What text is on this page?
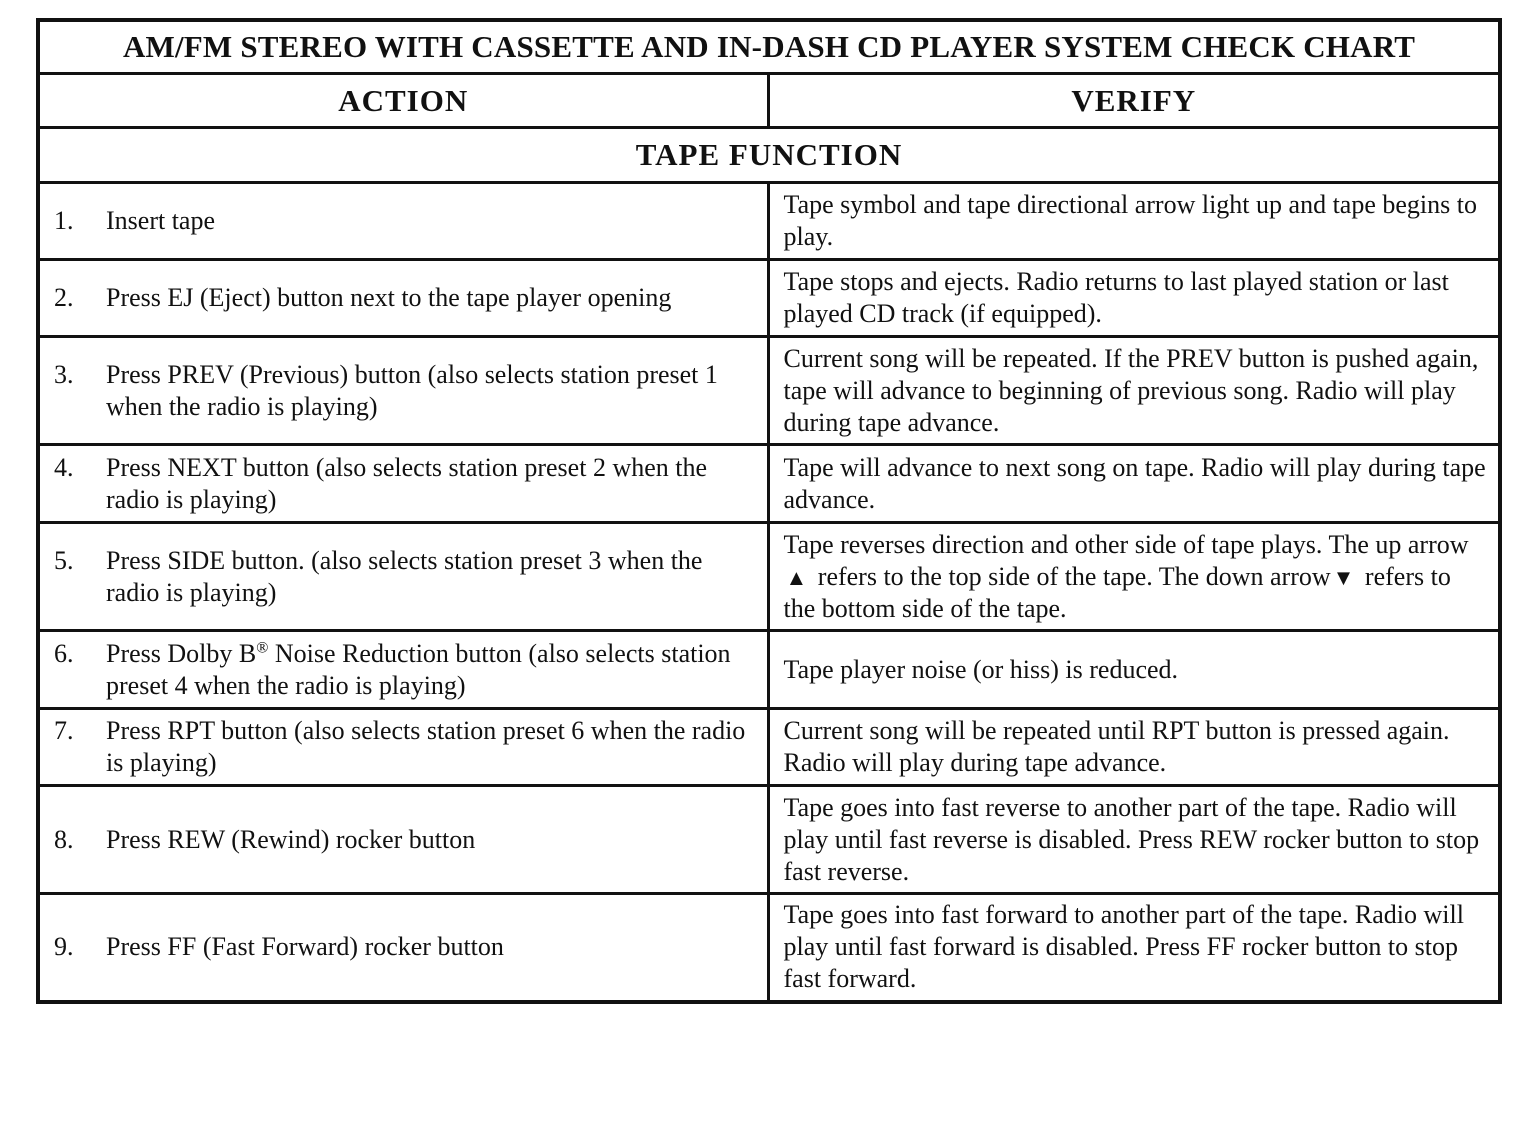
AM/FM STEREO WITH CASSETTE AND IN-DASH CD PLAYER SYSTEM CHECK CHART	
ACTION	VERIFY
TAPE FUNCTION	

1. Insert tape	Tape symbol and tape directional arrow light up and tape begins to play.

2. Press EJ (Eject) button next to the tape player opening	Tape stops and ejects. Radio returns to last played station or last played CD track (if equipped).

3. Press PREV (Previous) button (also selects station preset 1 when the radio is playing)	Current song will be repeated. If the PREV button is pushed again, tape will advance to beginning of previous song. Radio will play during tape advance.

4. Press NEXT button (also selects station preset 2 when the radio is playing)	Tape will advance to next song on tape. Radio will play during tape advance.

5. Press SIDE button. (also selects station preset 3 when the radio is playing)	Tape reverses direction and other side of tape plays. The up arrow▲ refers to the top side of the tape. The down arrow▼ refers to the bottom side of the tape.

6. Press Dolby B® Noise Reduction button (also selects station preset 4 when the radio is playing)	Tape player noise (or hiss) is reduced.

7. Press RPT button (also selects station preset 6 when the radio is playing)	Current song will be repeated until RPT button is pressed again. Radio will play during tape advance.

8. Press REW (Rewind) rocker button	Tape goes into fast reverse to another part of the tape. Radio will play until fast reverse is disabled. Press REW rocker button to stop fast reverse.

9. Press FF (Fast Forward) rocker button	Tape goes into fast forward to another part of the tape. Radio will play until fast forward is disabled. Press FF rocker button to stop fast forward.
